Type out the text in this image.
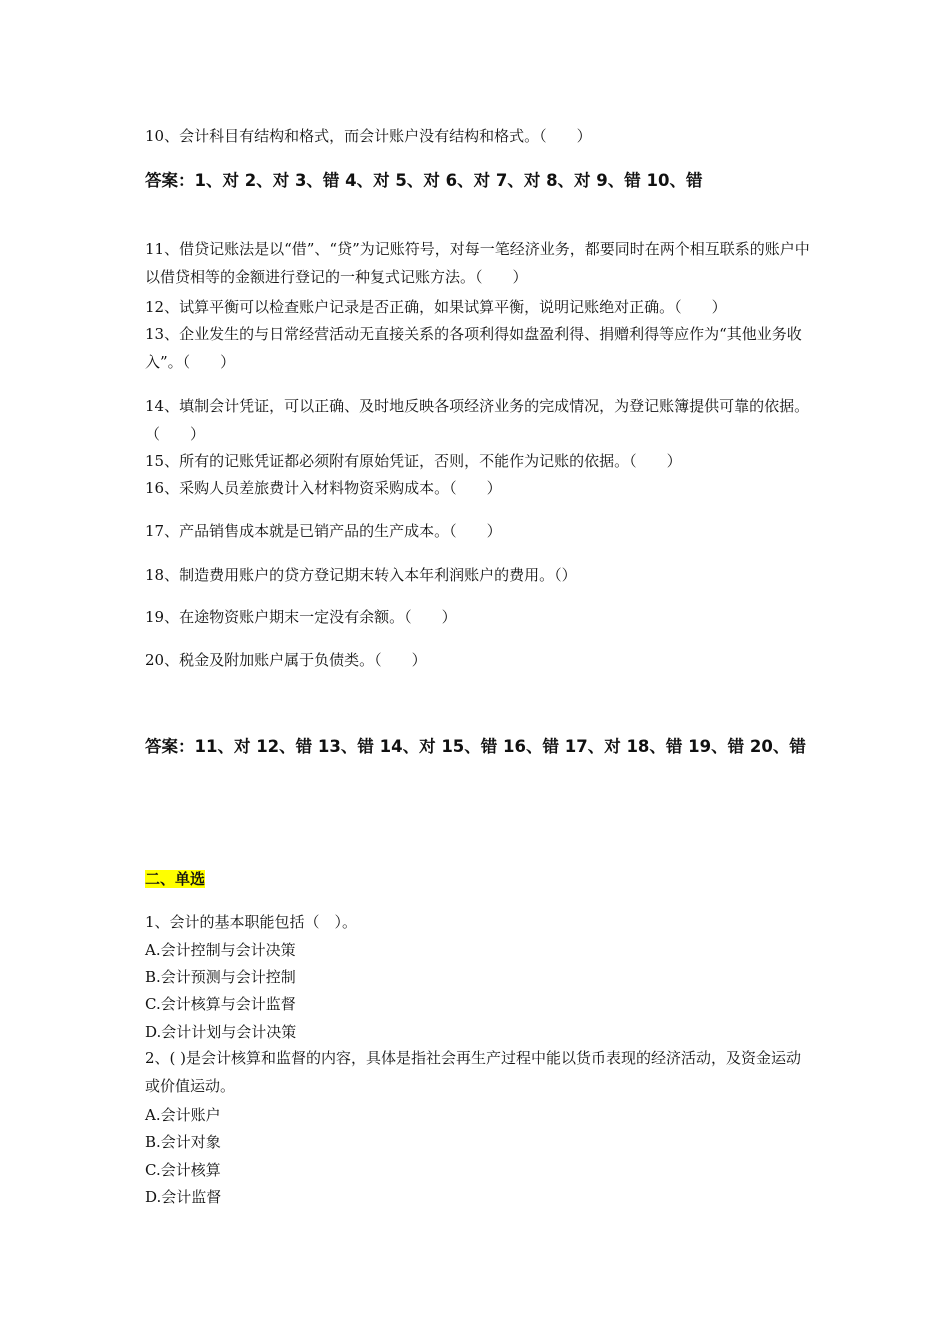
10、会计科目有结构和格式，而会计账户没有结构和格式。（　　）
答案：1、对 2、对 3、错 4、对 5、对 6、对 7、对 8、对 9、错 10、错
11、借贷记账法是以“借”、“贷”为记账符号，对每一笔经济业务，都要同时在两个相互联系的账户中以借贷相等的金额进行登记的一种复式记账方法。（　　）
12、试算平衡可以检查账户记录是否正确，如果试算平衡，说明记账绝对正确。（　　）
13、企业发生的与日常经营活动无直接关系的各项利得如盘盈利得、捐赠利得等应作为“其他业务收入”。（　　）
14、填制会计凭证，可以正确、及时地反映各项经济业务的完成情况，为登记账簿提供可靠的依据。（　　）
15、所有的记账凭证都必须附有原始凭证，否则，不能作为记账的依据。（　　）
16、采购人员差旅费计入材料物资采购成本。（　　）
17、产品销售成本就是已销产品的生产成本。（　　）
18、制造费用账户的贷方登记期末转入本年利润账户的费用。（）
19、在途物资账户期末一定没有余额。（　　）
20、税金及附加账户属于负债类。（　　）
答案：11、对 12、错 13、错 14、对 15、错 16、错 17、对 18、错 19、错 20、错
二、单选
1、会计的基本职能包括（　）。
A.会计控制与会计决策
B.会计预测与会计控制
C.会计核算与会计监督
D.会计计划与会计决策
2、( )是会计核算和监督的内容，具体是指社会再生产过程中能以货币表现的经济活动，及资金运动或价值运动。
A.会计账户
B.会计对象
C.会计核算
D.会计监督
